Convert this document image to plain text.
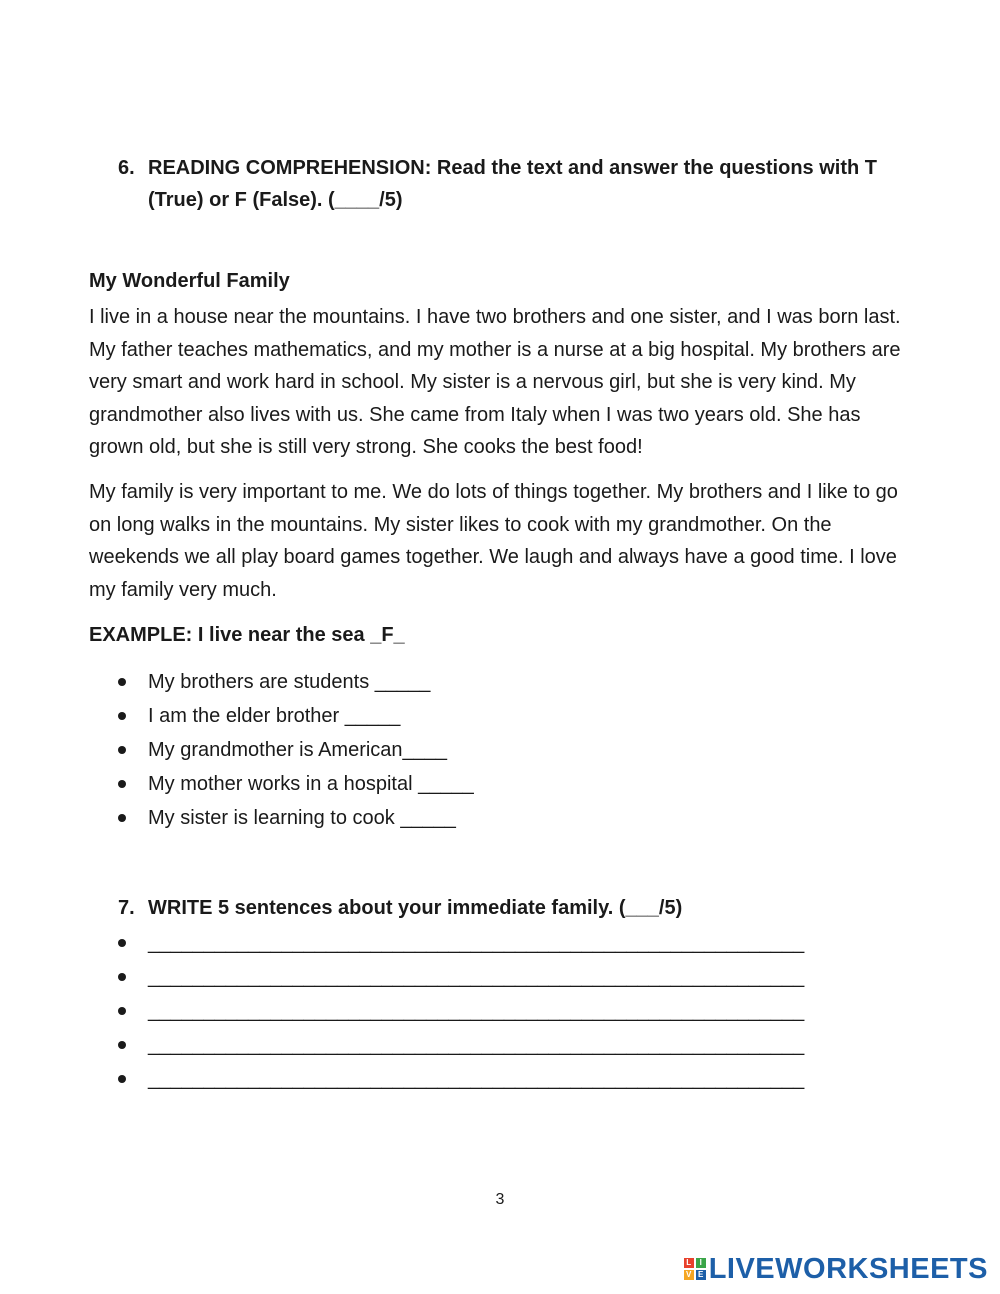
6. READING COMPREHENSION: Read the text and answer the questions with T (True) or F (False). (____/5)
My Wonderful Family
I live in a house near the mountains. I have two brothers and one sister, and I was born last. My father teaches mathematics, and my mother is a nurse at a big hospital. My brothers are very smart and work hard in school. My sister is a nervous girl, but she is very kind. My grandmother also lives with us. She came from Italy when I was two years old. She has grown old, but she is still very strong. She cooks the best food!
My family is very important to me. We do lots of things together. My brothers and I like to go on long walks in the mountains. My sister likes to cook with my grandmother. On the weekends we all play board games together. We laugh and always have a good time. I love my family very much.
EXAMPLE: I live near the sea _F_
My brothers are students _____
I am the elder brother _____
My grandmother is American____
My mother works in a hospital _____
My sister is learning to cook _____
7. WRITE 5 sentences about your immediate family. (___/5)
___________________________________________________________
___________________________________________________________
___________________________________________________________
___________________________________________________________
___________________________________________________________
3
L	I
V E LIVEWORKSHEETS
